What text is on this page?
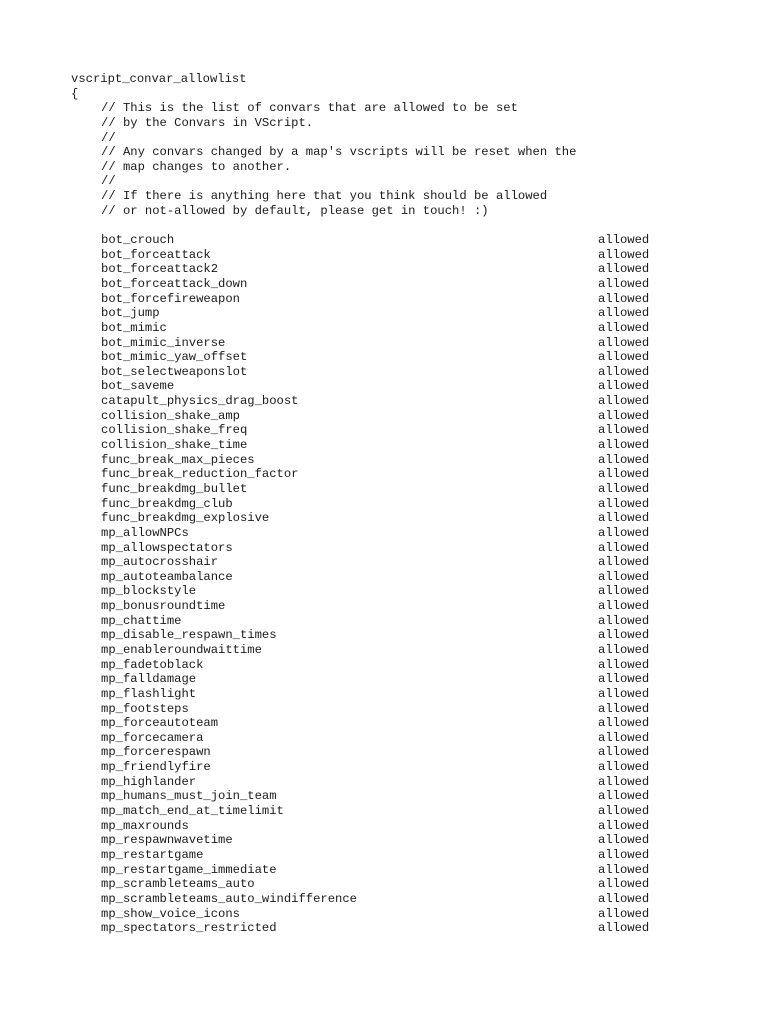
vscript_convar_allowlist
{
// This is the list of convars that are allowed to be set
// by the Convars in VScript.
//
// Any convars changed by a map's vscripts will be reset when the
// map changes to another.
//
// If there is anything here that you think should be allowed
// or not-allowed by default, please get in touch! :)
bot_crouch	allowed
bot_forceattack	allowed
bot_forceattack2	allowed
bot_forceattack_down	allowed
bot_forcefireweapon	allowed
bot_jump	allowed
bot_mimic	allowed
bot_mimic_inverse	allowed
bot_mimic_yaw_offset	allowed
bot_selectweaponslot	allowed
bot_saveme	allowed
catapult_physics_drag_boost	allowed
collision_shake_amp	allowed
collision_shake_freq	allowed
collision_shake_time	allowed
func_break_max_pieces	allowed
func_break_reduction_factor	allowed
func_breakdmg_bullet	allowed
func_breakdmg_club	allowed
func_breakdmg_explosive	allowed
mp_allowNPCs	allowed
mp_allowspectators	allowed
mp_autocrosshair	allowed
mp_autoteambalance	allowed
mp_blockstyle	allowed
mp_bonusroundtime	allowed
mp_chattime	allowed
mp_disable_respawn_times	allowed
mp_enableroundwaittime	allowed
mp_fadetoblack	allowed
mp_falldamage	allowed
mp_flashlight	allowed
mp_footsteps	allowed
mp_forceautoteam	allowed
mp_forcecamera	allowed
mp_forcerespawn	allowed
mp_friendlyfire	allowed
mp_highlander	allowed
mp_humans_must_join_team	allowed
mp_match_end_at_timelimit	allowed
mp_maxrounds	allowed
mp_respawnwavetime	allowed
mp_restartgame	allowed
mp_restartgame_immediate	allowed
mp_scrambleteams_auto	allowed
mp_scrambleteams_auto_windifference	allowed
mp_show_voice_icons	allowed
mp_spectators_restricted	allowed
